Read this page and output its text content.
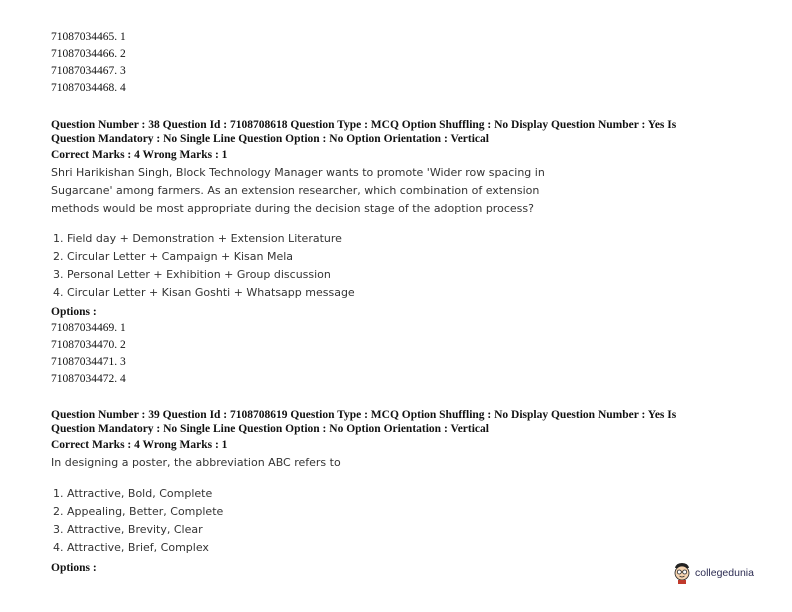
71087034465. 1
71087034466. 2
71087034467. 3
71087034468. 4
Question Number : 38 Question Id : 7108708618 Question Type : MCQ Option Shuffling : No Display Question Number : Yes Is
Question Mandatory : No Single Line Question Option : No Option Orientation : Vertical
Correct Marks : 4 Wrong Marks : 1
Shri Harikishan Singh, Block Technology Manager wants to promote 'Wider row spacing in
Sugarcane' among farmers. As an extension researcher, which combination of extension
methods would be most appropriate during the decision stage of the adoption process?
1. Field day + Demonstration + Extension Literature
2. Circular Letter + Campaign + Kisan Mela
3. Personal Letter + Exhibition + Group discussion
4. Circular Letter + Kisan Goshti + Whatsapp message
Options :
71087034469. 1
71087034470. 2
71087034471. 3
71087034472. 4
Question Number : 39 Question Id : 7108708619 Question Type : MCQ Option Shuffling : No Display Question Number : Yes Is
Question Mandatory : No Single Line Question Option : No Option Orientation : Vertical
Correct Marks : 4 Wrong Marks : 1
In designing a poster, the abbreviation ABC refers to
1. Attractive, Bold, Complete
2. Appealing, Better, Complete
3. Attractive, Brevity, Clear
4. Attractive, Brief, Complex
Options :	collegedunia
